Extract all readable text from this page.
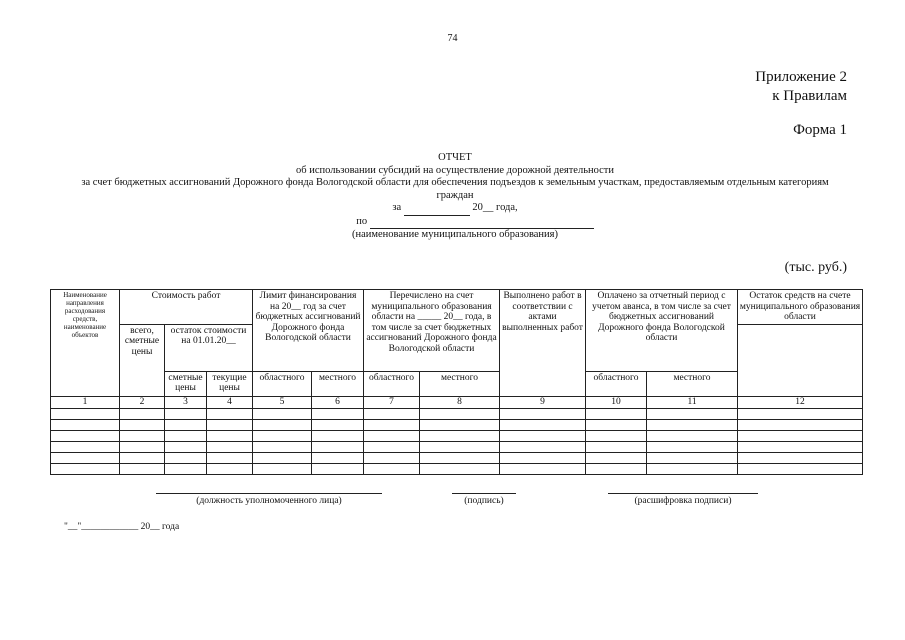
74
Приложение 2
к Правилам
Форма 1
ОТЧЕТ
об использовании субсидий на осуществление дорожной деятельности
за счет бюджетных ассигнований Дорожного фонда Вологодской области для обеспечения подъездов к земельным участкам, предоставляемым отдельным категориям
граждан
за	20__ года,
по
(наименование муниципального образования)
(тыс. руб.)
Наименование направления расходования средств, наименование объектов	Стоимость работ			Лимит финансирования на 20__ год за счет бюджетных ассигнований Дорожного фонда Вологодской области		Перечислено на счет муниципального образования области на _____ 20__ года, в том числе за счет бюджетных ассигнований Дорожного фонда Вологодской области		Выполнено работ в соответствии с актами выполненных работ	Оплачено за отчетный период с учетом аванса, в том числе за счет бюджетных ассигнований Дорожного фонда Вологодской области		Остаток средств на счете муниципального образования области
	всего, сметные цены	остаток стоимости на 01.01.20__									
		сметные цены	текущие цены	областного	местного	областного	местного		областного	местного	
1	2	3	4	5	6	7	8	9	10	11	12

(должность уполномоченного лица)	(подпись)	(расшифровка подписи)
"__"____________ 20__ года
